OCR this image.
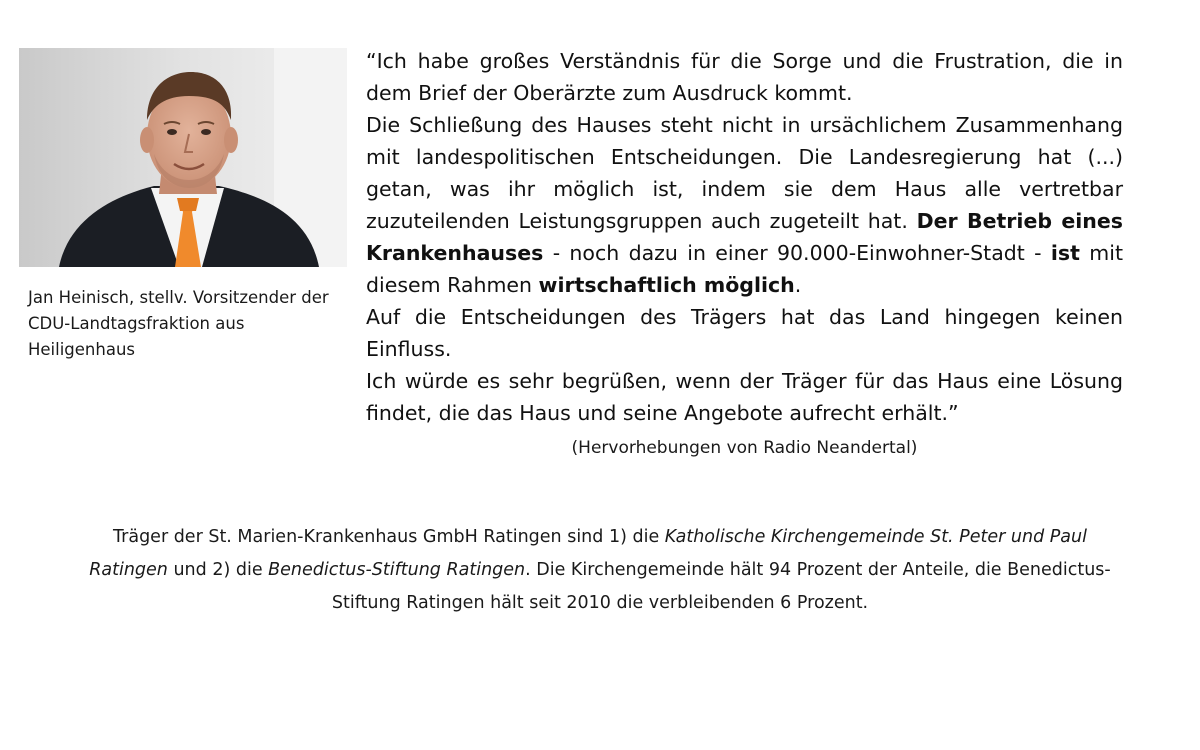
Jan Heinisch, stellv. Vorsitzender der CDU-Landtagsfraktion aus Heiligenhaus

“Ich habe großes Verständnis für die Sorge und die Frustration, die in dem Brief der Oberärzte zum Ausdruck kommt.

Die Schließung des Hauses steht nicht in ursächlichem Zusammenhang mit landespolitischen Entscheidungen. Die Landesregierung hat (...) getan, was ihr möglich ist, indem sie dem Haus alle vertretbar zuzuteilenden Leistungsgruppen auch zugeteilt hat. Der Betrieb eines Krankenhauses - noch dazu in einer 90.000-Einwohner-Stadt - ist mit diesem Rahmen wirtschaftlich möglich.

Auf die Entscheidungen des Trägers hat das Land hingegen keinen Einfluss.

Ich würde es sehr begrüßen, wenn der Träger für das Haus eine Lösung findet, die das Haus und seine Angebote aufrecht erhält.”

(Hervorhebungen von Radio Neandertal)
Träger der St. Marien-Krankenhaus GmbH Ratingen sind 1) die Katholische Kirchengemeinde St. Peter und Paul Ratingen und 2) die Benedictus-Stiftung Ratingen. Die Kirchengemeinde hält 94 Prozent der Anteile, die Benedictus-Stiftung Ratingen hält seit 2010 die verbleibenden 6 Prozent.
